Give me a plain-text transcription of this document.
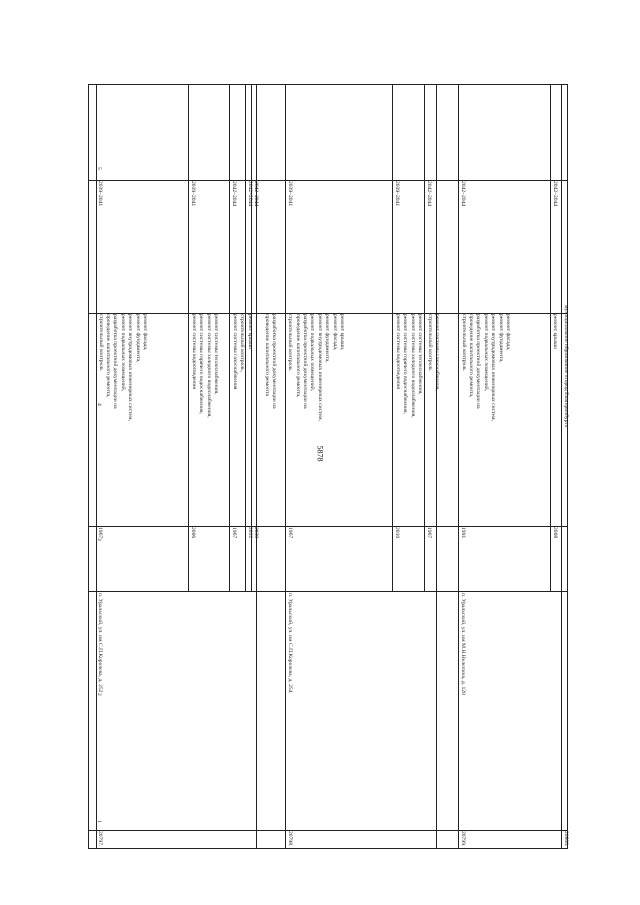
5878
5
4
3
2
1
20797.
п. Уральский, ул. им С.П.Королева, д. 252
1967
ремонт фасада,
ремонт фундамента,
ремонт внутридомовых инженерных систем,
ремонт подвальных помещений,
разработка проектной документации на
проведение капитального ремонта,
строительный контроль
2039–2041
2006
ремонт системы теплоснабжения,
ремонт системы холодного водоснабжения,
ремонт системы горячего водоснабжения,
ремонт системы водоотведения
2039–2041
1967
строительный контроль,
ремонт системы газоснабжения
2042–2044
2012
ремонт крыши
2042–2044
2039
разработка проектной документации на
проведение капитального ремонта
2042–2044
20798.
п. Уральский, ул. им С.П.Королева, д. 254
1967
ремонт крыши,
ремонт фасада,
ремонт фундамента,
ремонт внутридомовых инженерных систем,
ремонт подвальных помещений,
разработка проектной документации на
проведение капитального ремонта,
строительный контроль
2039–2041
2010
ремонт системы теплоснабжения,
ремонт системы холодного водоснабжения,
ремонт системы горячего водоснабжения,
ремонт системы водоотведения
2039–2041
1967
ремонт системы газоснабжения,
строительный контроль
2042–2044
20799.
п. Уральский, ул. им М.Н.Нелепина, д. 120
1991
ремонт фасада,
ремонт фундамента,
ремонт внутридомовых инженерных систем,
ремонт подвальных помещений,
разработка проектной документации на
проведение капитального ремонта,
строительный контроль
2042–2044
2008
ремонт крыши
2042–2044
20800.
муниципальное образование «город Екатеринбург»
